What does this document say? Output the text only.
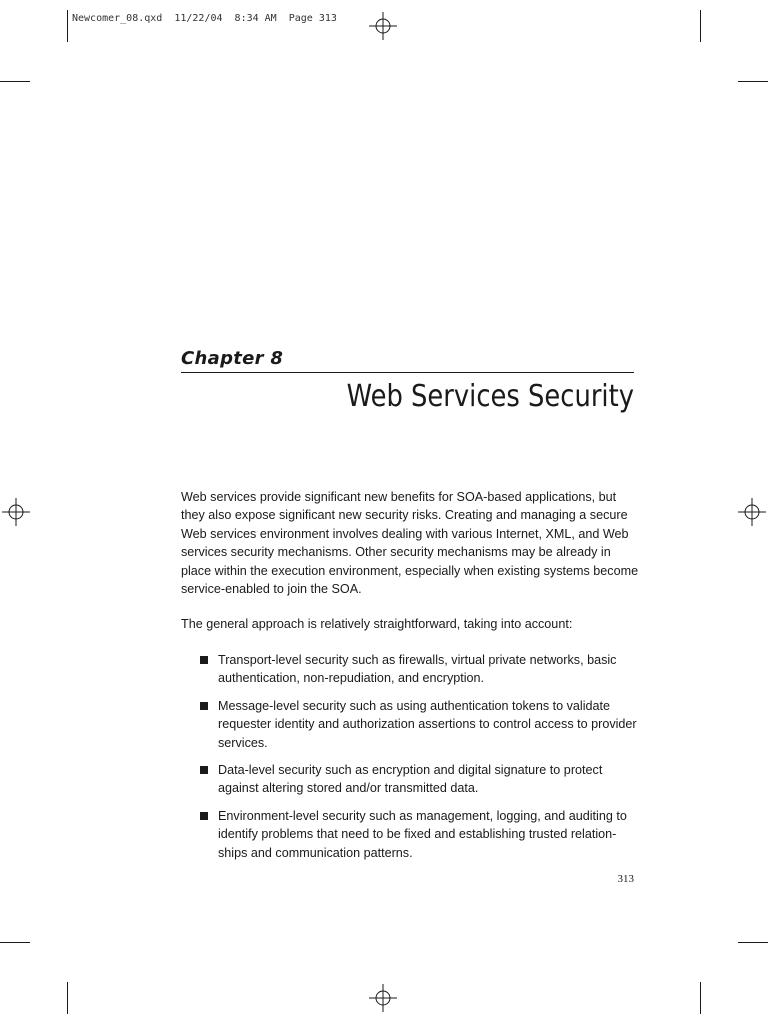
Newcomer_08.qxd  11/22/04  8:34 AM  Page 313
Chapter 8
Web Services Security

Web services provide significant new benefits for SOA-based applications, but they also expose significant new security risks. Creating and managing a secure Web services environment involves dealing with various Internet, XML, and Web services security mechanisms. Other security mechanisms may be already in place within the execution environment, especially when existing systems become service-enabled to join the SOA.

The general approach is relatively straightforward, taking into account:

Transport-level security such as firewalls, virtual private networks, basic authentication, non-repudiation, and encryption.
Message-level security such as using authentication tokens to validate requester identity and authorization assertions to control access to provider services.
Data-level security such as encryption and digital signature to protect against altering stored and/or transmitted data.
Environment-level security such as management, logging, and auditing to identify problems that need to be fixed and establishing trusted relation-ships and communication patterns.
313
